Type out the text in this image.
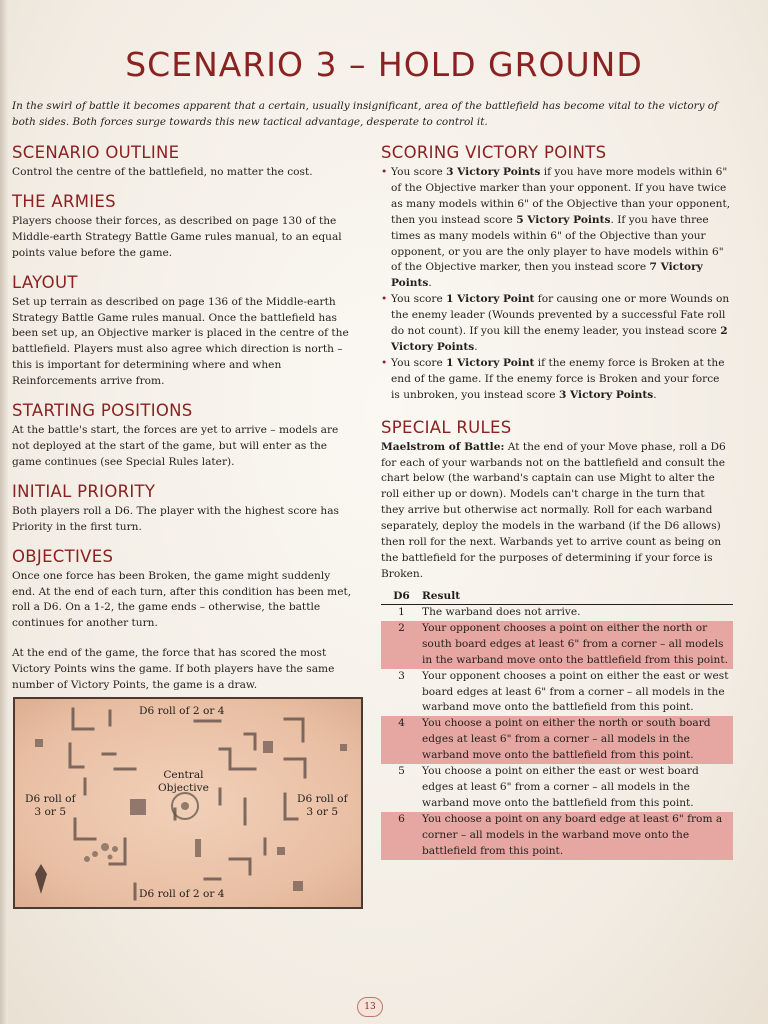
SCENARIO 3 – HOLD GROUND

In the swirl of battle it becomes apparent that a certain, usually insignificant, area of the battlefield has become vital to the victory of both sides. Both forces surge towards this new tactical advantage, desperate to control it.

SCENARIO OUTLINE

Control the centre of the battlefield, no matter the cost.

THE ARMIES

Players choose their forces, as described on page 130 of the Middle-earth Strategy Battle Game rules manual, to an equal points value before the game.

LAYOUT

Set up terrain as described on page 136 of the Middle-earth Strategy Battle Game rules manual. Once the battlefield has been set up, an Objective marker is placed in the centre of the battlefield. Players must also agree which direction is north – this is important for determining where and when Reinforcements arrive from.

STARTING POSITIONS

At the battle's start, the forces are yet to arrive – models are not deployed at the start of the game, but will enter as the game continues (see Special Rules later).

INITIAL PRIORITY

Both players roll a D6. The player with the highest score has Priority in the first turn.

OBJECTIVES

Once one force has been Broken, the game might suddenly end. At the end of each turn, after this condition has been met, roll a D6. On a 1-2, the game ends – otherwise, the battle continues for another turn.

At the end of the game, the force that has scored the most Victory Points wins the game. If both players have the same number of Victory Points, the game is a draw.

SCORING VICTORY POINTS
• You score 3 Victory Points if you have more models within 6" of the Objective marker than your opponent. If you have twice as many models within 6" of the Objective than your opponent, then you instead score 5 Victory Points. If you have three times as many models within 6" of the Objective than your opponent, or you are the only player to have models within 6" of the Objective marker, then you instead score 7 Victory Points.
• You score 1 Victory Point for causing one or more Wounds on the enemy leader (Wounds prevented by a successful Fate roll do not count). If you kill the enemy leader, you instead score 2 Victory Points.
• You score 1 Victory Point if the enemy force is Broken at the end of the game. If the enemy force is Broken and your force is unbroken, you instead score 3 Victory Points.
SPECIAL RULES

Maelstrom of Battle: At the end of your Move phase, roll a D6 for each of your warbands not on the battlefield and consult the chart below (the warband's captain can use Might to alter the roll either up or down). Models can't charge in the turn that they arrive but otherwise act normally. Roll for each warband separately, deploy the models in the warband (if the D6 allows) then roll for the next. Warbands yet to arrive count as being on the battlefield for the purposes of determining if your force is Broken.

D6	Result
1	The warband does not arrive.
2	Your opponent chooses a point on either the north or south board edges at least 6" from a corner – all models in the warband move onto the battlefield from this point.
3	Your opponent chooses a point on either the east or west board edges at least 6" from a corner – all models in the warband move onto the battlefield from this point.
4	You choose a point on either the north or south board edges at least 6" from a corner – all models in the warband move onto the battlefield from this point.
5	You choose a point on either the east or west board edges at least 6" from a corner – all models in the warband move onto the battlefield from this point.
6	You choose a point on any board edge at least 6" from a corner – all models in the warband move onto the battlefield from this point.
D6 roll of 2 or 4
D6 roll of 2 or 4
D6 roll of
3 or 5
D6 roll of
3 or 5
Central
Objective
13
